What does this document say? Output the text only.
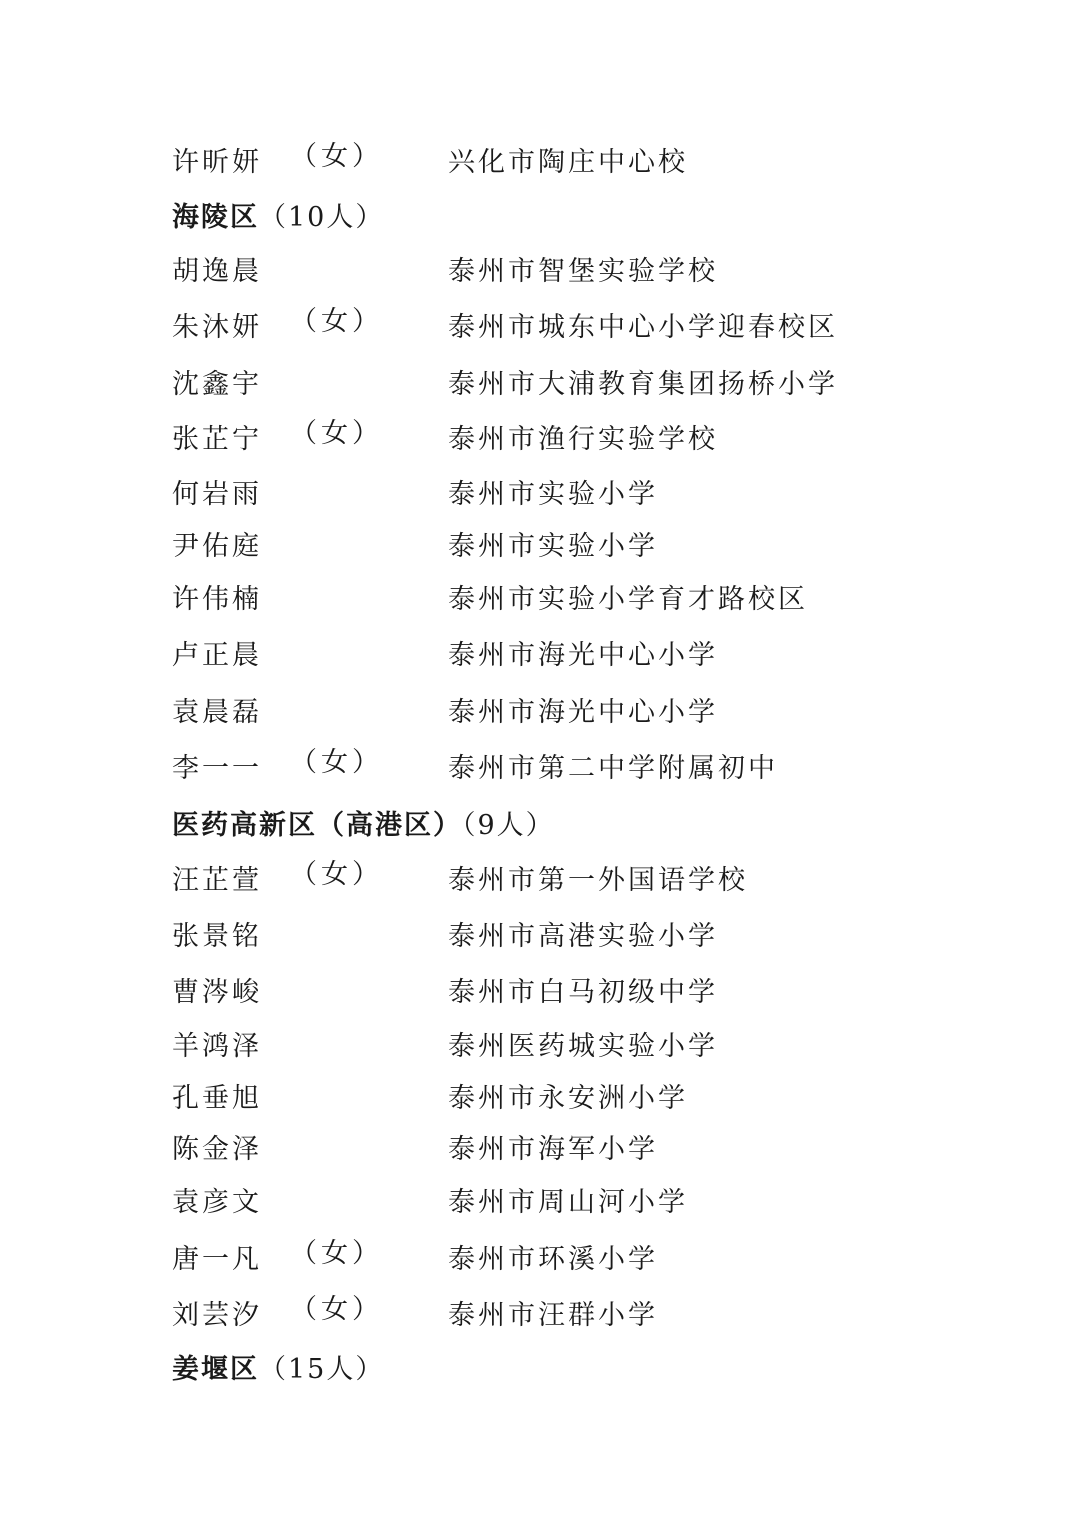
许昕妍 （女） 兴化市陶庄中心校
海陵区（10人）
胡逸晨	泰州市智堡实验学校
朱沐妍 （女） 泰州市城东中心小学迎春校区
沈鑫宇	泰州市大浦教育集团扬桥小学
张芷宁 （女） 泰州市渔行实验学校
何岩雨	泰州市实验小学
尹佑庭	泰州市实验小学
许伟楠	泰州市实验小学育才路校区
卢正晨	泰州市海光中心小学
袁晨磊	泰州市海光中心小学
李一一 （女） 泰州市第二中学附属初中
医药高新区（高港区）（9人）
汪芷萱 （女） 泰州市第一外国语学校
张景铭	泰州市高港实验小学
曹涔峻	泰州市白马初级中学
羊鸿泽	泰州医药城实验小学
孔垂旭	泰州市永安洲小学
陈金泽	泰州市海军小学
袁彦文	泰州市周山河小学
唐一凡 （女） 泰州市环溪小学
刘芸汐 （女） 泰州市汪群小学
姜堰区（15人）
